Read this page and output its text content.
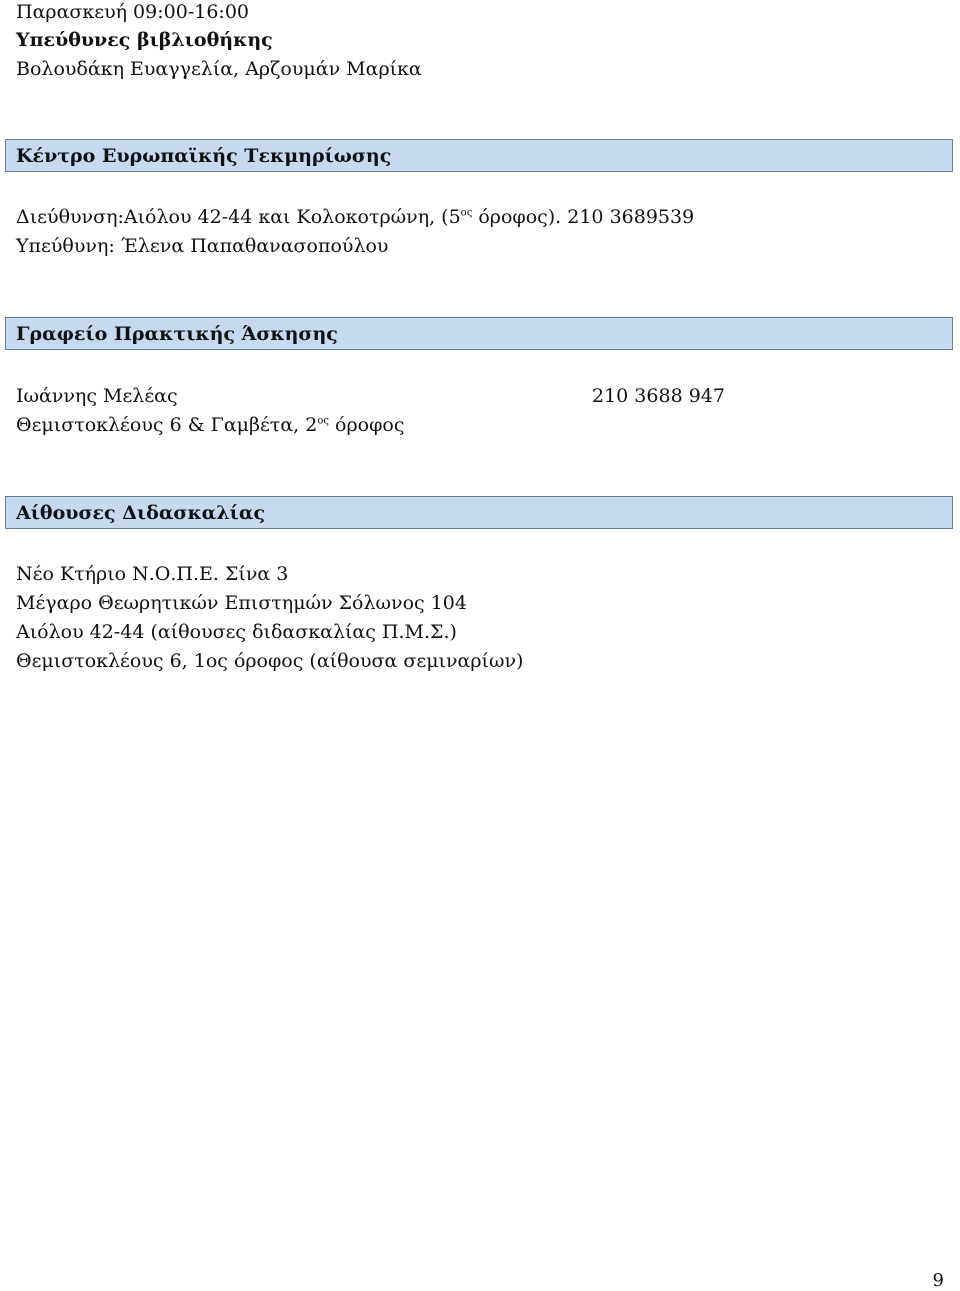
Παρασκευή 09:00-16:00
Υπεύθυνες βιβλιοθήκης
Βολουδάκη Ευαγγελία, Αρζουμάν Μαρίκα
Κέντρο Ευρωπαϊκής Τεκμηρίωσης
Διεύθυνση:Αιόλου 42-44 και Κολοκοτρώνη, ($5^{o\varsigma}$ όροφος). 210 3689539
Υπεύθυνη: Έλενα Παπαθανασοπούλου
Γραφείο Πρακτικής Άσκησης
Ιωάννης Μελέας	210 3688 947
Θεμιστοκλέους 6 & Γαμβέτα, $2^{o\varsigma}$ όροφος
Αίθουσες Διδασκαλίας
Νέο Κτήριο Ν.Ο.Π.Ε. Σίνα 3
Μέγαρο Θεωρητικών Επιστημών Σόλωνος 104
Αιόλου 42-44 (αίθουσες διδασκαλίας Π.Μ.Σ.)
Θεμιστοκλέους 6, 1ος όροφος (αίθουσα σεμιναρίων)
9
